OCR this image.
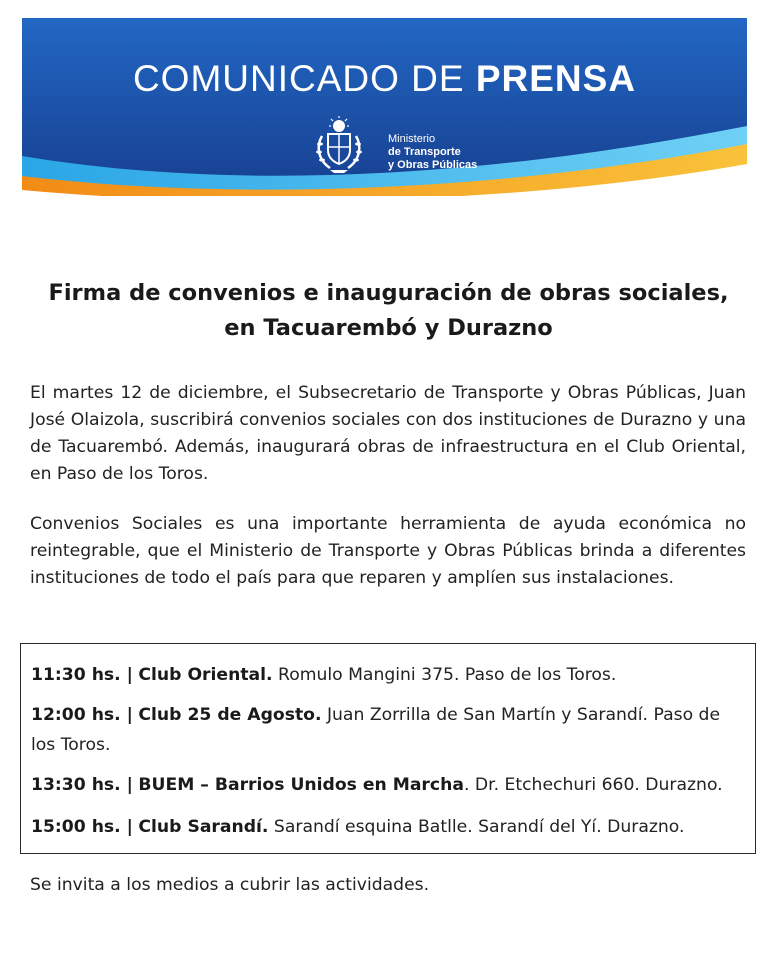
COMUNICADO DE PRENSA
Ministerio
de Transporte
y Obras Públicas
Firma de convenios e inauguración de obras sociales,
en Tacuarembó y Durazno

El martes 12 de diciembre, el Subsecretario de Transporte y Obras Públicas, Juan José Olaizola, suscribirá convenios sociales con dos instituciones de Durazno y una de Tacuarembó. Además, inaugurará obras de infraestructura en el Club Oriental, en Paso de los Toros.

Convenios Sociales es una importante herramienta de ayuda económica no reintegrable, que el Ministerio de Transporte y Obras Públicas brinda a diferentes instituciones de todo el país para que reparen y amplíen sus instalaciones.

11:30 hs. | Club Oriental. Romulo Mangini 375. Paso de los Toros.
12:00 hs. | Club 25 de Agosto. Juan Zorrilla de San Martín y Sarandí. Paso de los Toros.
13:30 hs. | BUEM – Barrios Unidos en Marcha. Dr. Etchechuri 660. Durazno.
15:00 hs. | Club Sarandí. Sarandí esquina Batlle. Sarandí del Yí. Durazno.

Se invita a los medios a cubrir las actividades.
